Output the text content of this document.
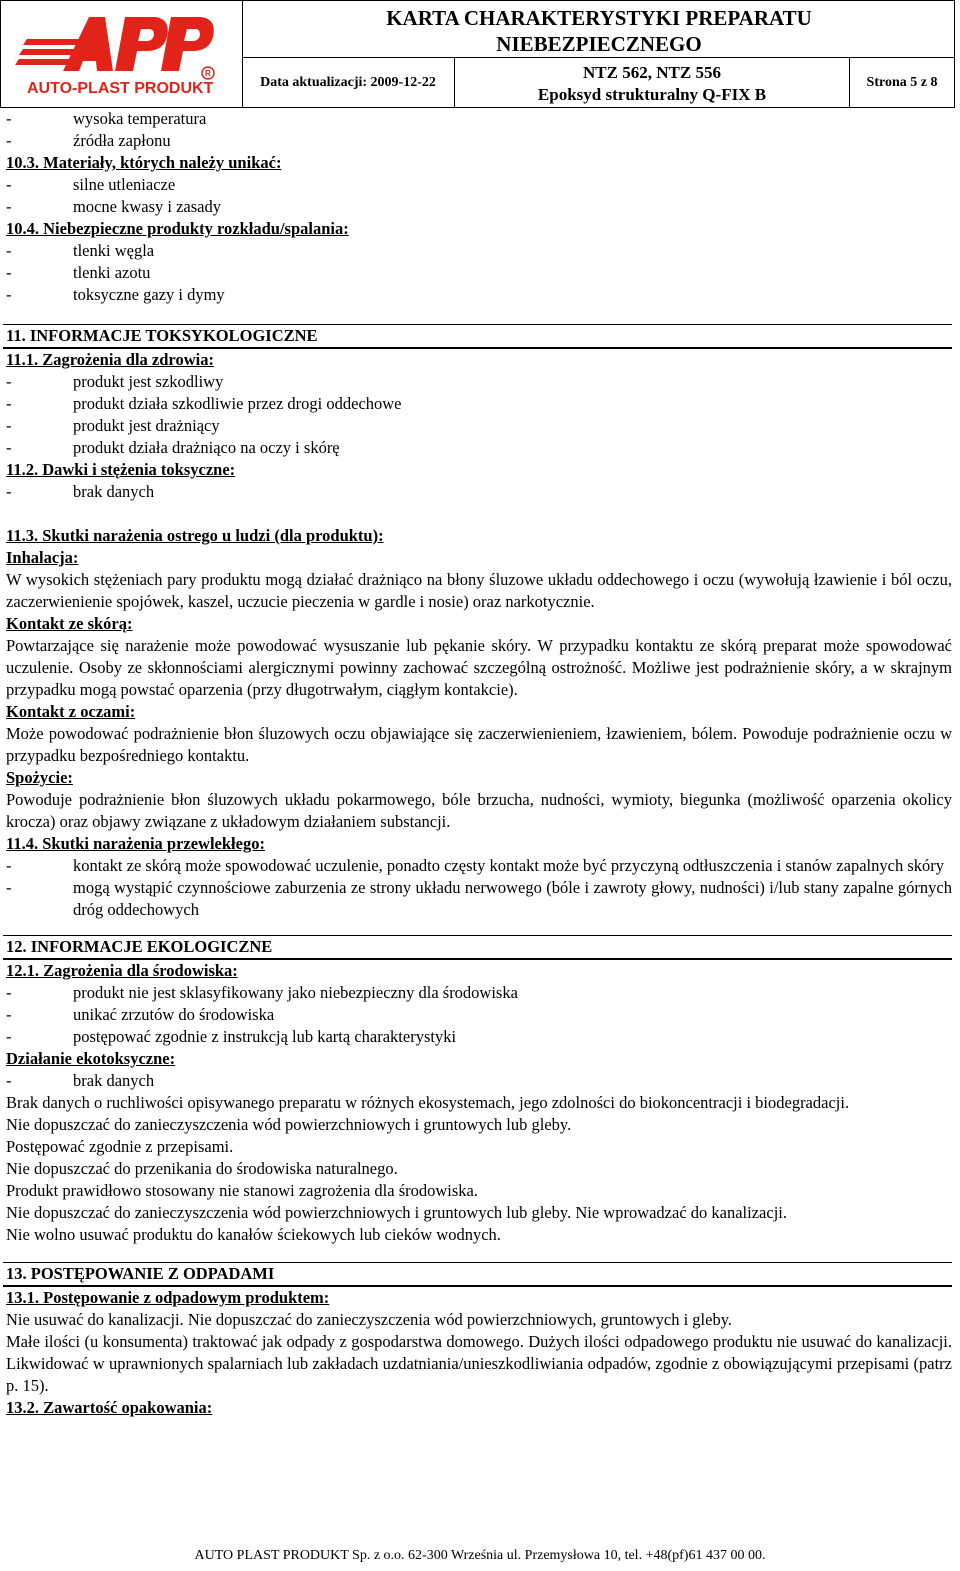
R
AUTO-PLAST PRODUKT
KARTA CHARAKTERYSTYKI PREPARATU
NIEBEZPIECZNEGO
Data aktualizacji: 2009-12-22
NTZ 562, NTZ 556
Epoksyd strukturalny Q-FIX B
Strona 5 z 8
-	wysoka temperatura
-	źródła zapłonu
10.3. Materiały, których należy unikać:
-	silne utleniacze
-	mocne kwasy i zasady
10.4. Niebezpieczne produkty rozkładu/spalania:
-	tlenki węgla
-	tlenki azotu
-	toksyczne gazy i dymy
11. INFORMACJE TOKSYKOLOGICZNE
11.1. Zagrożenia dla zdrowia:
-	produkt jest szkodliwy
-	produkt działa szkodliwie przez drogi oddechowe
-	produkt jest drażniący
-	produkt działa drażniąco na oczy i skórę
11.2. Dawki i stężenia toksyczne:
-	brak danych
11.3. Skutki narażenia ostrego u ludzi (dla produktu):
Inhalacja:
W wysokich stężeniach pary produktu mogą działać drażniąco na błony śluzowe układu oddechowego i oczu (wywołują łzawienie i ból oczu, zaczerwienienie spojówek, kaszel, uczucie pieczenia w gardle i nosie) oraz narkotycznie.
Kontakt ze skórą:
Powtarzające się narażenie może powodować wysuszanie lub pękanie skóry. W przypadku kontaktu ze skórą preparat może spowodować uczulenie. Osoby ze skłonnościami alergicznymi powinny zachować szczególną ostrożność. Możliwe jest podrażnienie skóry, a w skrajnym przypadku mogą powstać oparzenia (przy długotrwałym, ciągłym kontakcie).
Kontakt z oczami:
Może powodować podrażnienie błon śluzowych oczu objawiające się zaczerwienieniem, łzawieniem, bólem. Powoduje podrażnienie oczu w przypadku bezpośredniego kontaktu.
Spożycie:
Powoduje podrażnienie błon śluzowych układu pokarmowego, bóle brzucha, nudności, wymioty, biegunka (możliwość oparzenia okolicy krocza) oraz objawy związane z układowym działaniem substancji.
11.4. Skutki narażenia przewlekłego:
-	kontakt ze skórą może spowodować uczulenie, ponadto częsty kontakt może być przyczyną odtłuszczenia i stanów zapalnych skóry
-	mogą wystąpić czynnościowe zaburzenia ze strony układu nerwowego (bóle i zawroty głowy, nudności) i/lub stany zapalne górnych dróg oddechowych
12. INFORMACJE EKOLOGICZNE
12.1. Zagrożenia dla środowiska:
-	produkt nie jest sklasyfikowany jako niebezpieczny dla środowiska
-	unikać zrzutów do środowiska
-	postępować zgodnie z instrukcją lub kartą charakterystyki
Działanie ekotoksyczne:
-	brak danych
Brak danych o ruchliwości opisywanego preparatu w różnych ekosystemach, jego zdolności do biokoncentracji i biodegradacji.
Nie dopuszczać do zanieczyszczenia wód powierzchniowych i gruntowych lub gleby.
Postępować zgodnie z przepisami.
Nie dopuszczać do przenikania do środowiska naturalnego.
Produkt prawidłowo stosowany nie stanowi zagrożenia dla środowiska.
Nie dopuszczać do zanieczyszczenia wód powierzchniowych i gruntowych lub gleby. Nie wprowadzać do kanalizacji.
Nie wolno usuwać produktu do kanałów ściekowych lub cieków wodnych.
13. POSTĘPOWANIE Z ODPADAMI
13.1. Postępowanie z odpadowym produktem:
Nie usuwać do kanalizacji. Nie dopuszczać do zanieczyszczenia wód powierzchniowych, gruntowych i gleby.
Małe ilości (u konsumenta) traktować jak odpady z gospodarstwa domowego. Dużych ilości odpadowego produktu nie usuwać do kanalizacji. Likwidować w uprawnionych spalarniach lub zakładach uzdatniania/unieszkodliwiania odpadów, zgodnie z obowiązującymi przepisami (patrz p. 15).
13.2. Zawartość opakowania:
AUTO PLAST PRODUKT Sp. z o.o. 62-300 Września ul. Przemysłowa 10, tel. +48(pf)61 437 00 00.
